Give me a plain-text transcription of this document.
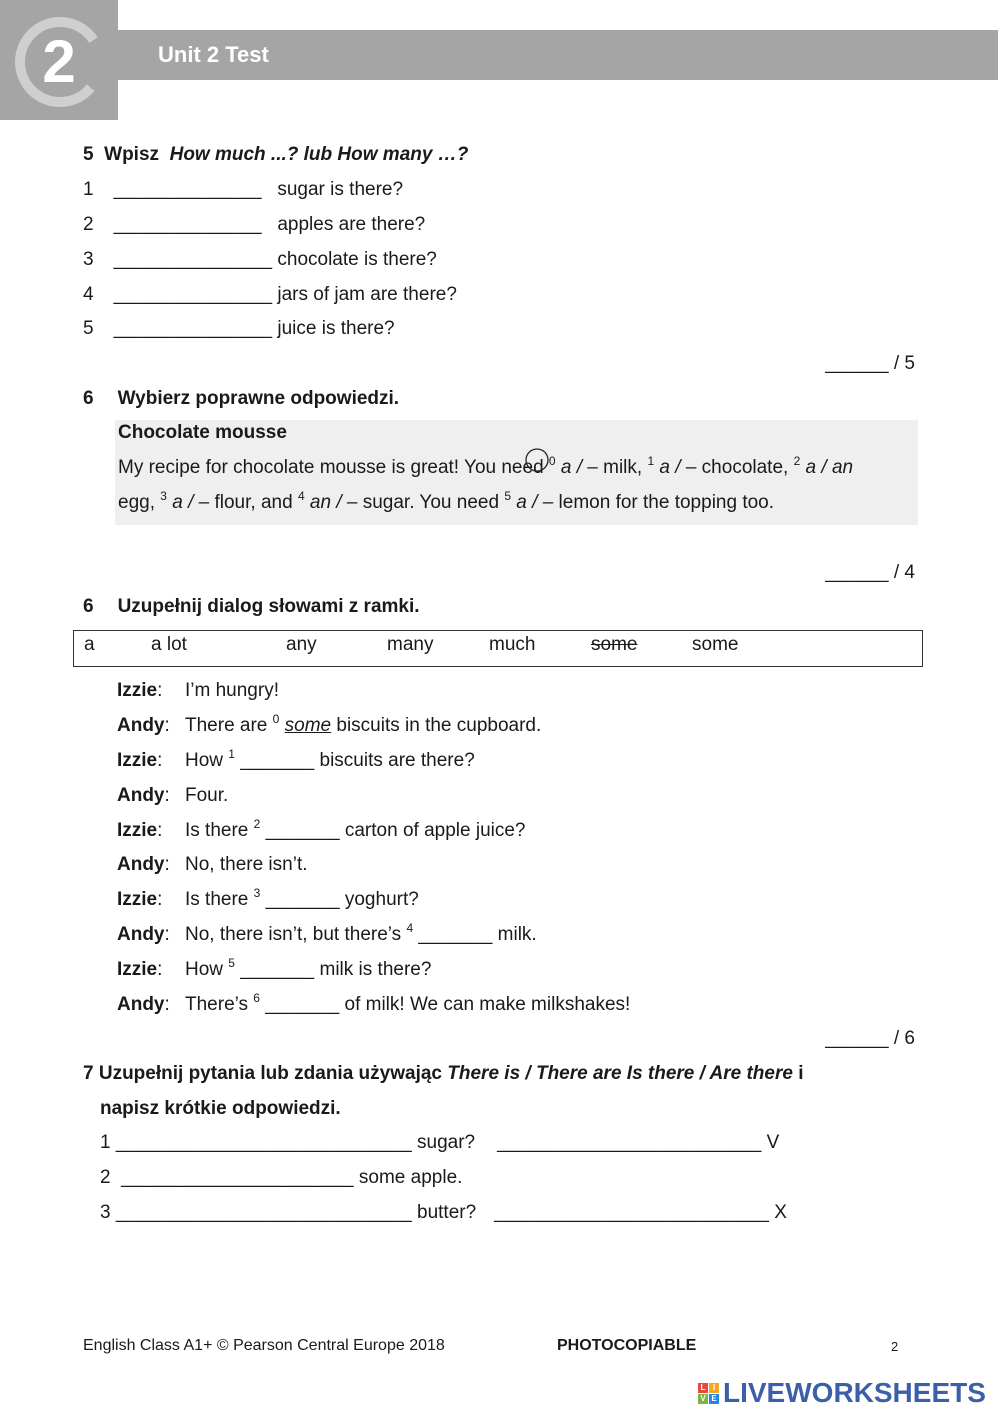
2	Unit 2 Test
5 Wpisz How much ...? lub How many …?
1 ______________ sugar is there?
2 ______________ apples are there?
3 _______________ chocolate is there?
4 _______________ jars of jam are there?
5 _______________ juice is there?
______ / 5
6 Wybierz poprawne odpowiedzi.
Chocolate mousse
My recipe for chocolate mousse is great! You need $^0$ a / – milk, $^1$ a / – chocolate, $^2$ a / an
egg, $^3$ a / – flour, and $^4$ an / – sugar. You need $^5$ a / – lemon for the topping too.
______ / 4
6 Uzupełnij dialog słowami z ramki.
a	a lot	any	many	much	some	some
Izzie: I’m hungry!
Andy: There are $^0$ some biscuits in the cupboard.
Izzie: How $^1$ _______ biscuits are there?
Andy: Four.
Izzie: Is there $^2$ _______ carton of apple juice?
Andy: No, there isn’t.
Izzie: Is there $^3$ _______ yoghurt?
Andy: No, there isn’t, but there’s $^4$ _______ milk.
Izzie: How $^5$ _______ milk is there?
Andy: There’s $^6$ _______ of milk! We can make milkshakes!
______ / 6
7 Uzupełnij pytania lub zdania używając There is / There are Is there / Are there i
napisz krótkie odpowiedzi.
1 ____________________________ sugar? _________________________ V
2 ______________________ some apple.
3 ____________________________ butter? __________________________ X
English Class A1+ © Pearson Central Europe 2018	PHOTOCOPIABLE	2
L I
V E LIVEWORKSHEETS
